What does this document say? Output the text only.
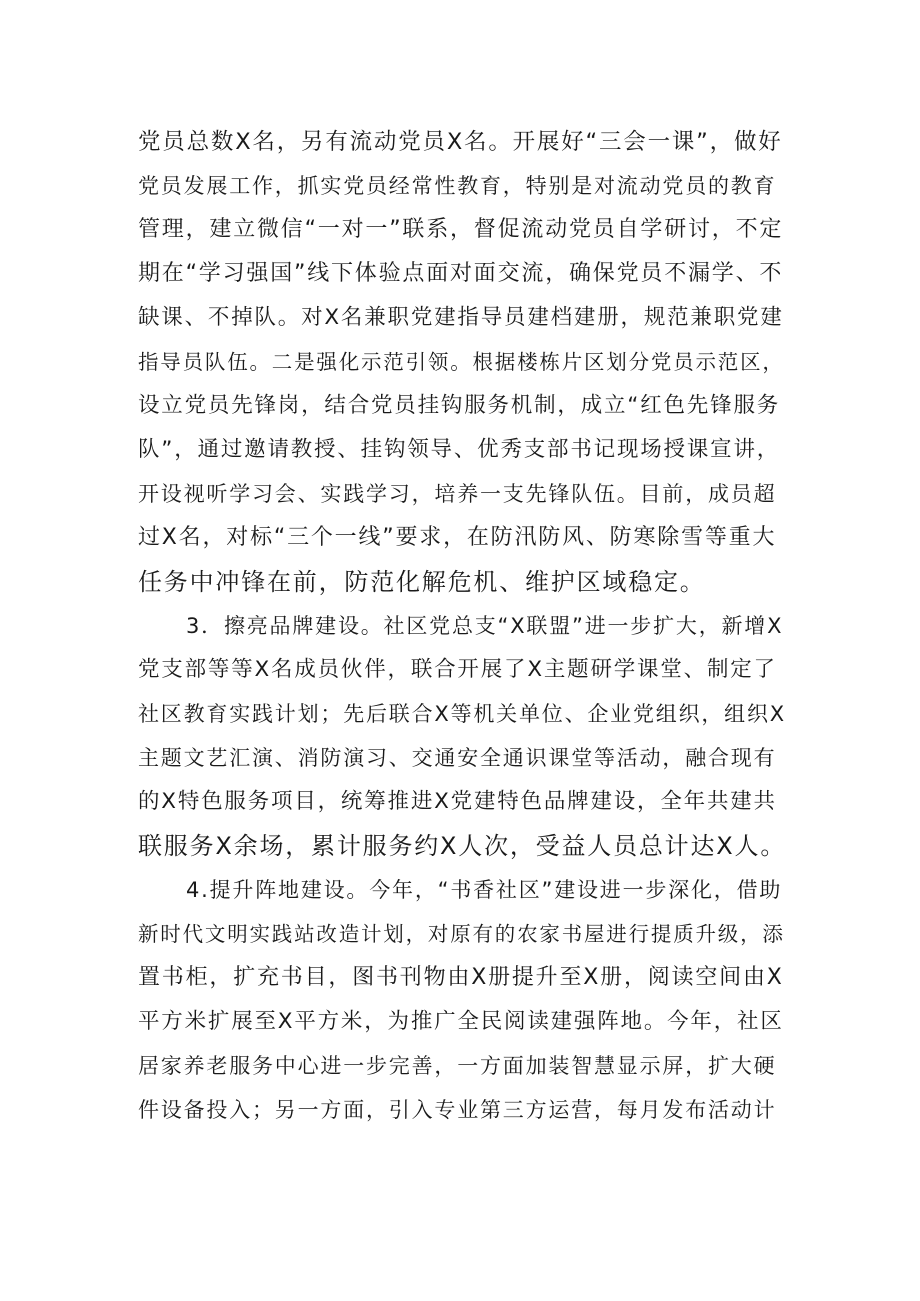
党员总数X名，另有流动党员X名。开展好“三会一课”，做好
党员发展工作，抓实党员经常性教育，特别是对流动党员的教育
管理，建立微信“一对一”联系，督促流动党员自学研讨，不定
期在“学习强国”线下体验点面对面交流，确保党员不漏学、不
缺课、不掉队。对X名兼职党建指导员建档建册，规范兼职党建
指导员队伍。二是强化示范引领。根据楼栋片区划分党员示范区，
设立党员先锋岗，结合党员挂钩服务机制，成立“红色先锋服务
队”，通过邀请教授、挂钩领导、优秀支部书记现场授课宣讲，
开设视听学习会、实践学习，培养一支先锋队伍。目前，成员超
过X名，对标“三个一线”要求，在防汛防风、防寒除雪等重大
任务中冲锋在前，防范化解危机、维护区域稳定。
3．擦亮品牌建设。社区党总支“X联盟”进一步扩大，新增X
党支部等等X名成员伙伴，联合开展了X主题研学课堂、制定了
社区教育实践计划；先后联合X等机关单位、企业党组织，组织X
主题文艺汇演、消防演习、交通安全通识课堂等活动，融合现有
的X特色服务项目，统筹推进X党建特色品牌建设，全年共建共
联服务X余场，累计服务约X人次，受益人员总计达X人。
4.提升阵地建设。今年，“书香社区”建设进一步深化，借助
新时代文明实践站改造计划，对原有的农家书屋进行提质升级，添
置书柜，扩充书目，图书刊物由X册提升至X册，阅读空间由X
平方米扩展至X平方米，为推广全民阅读建强阵地。今年，社区
居家养老服务中心进一步完善，一方面加装智慧显示屏，扩大硬
件设备投入；另一方面，引入专业第三方运营，每月发布活动计
